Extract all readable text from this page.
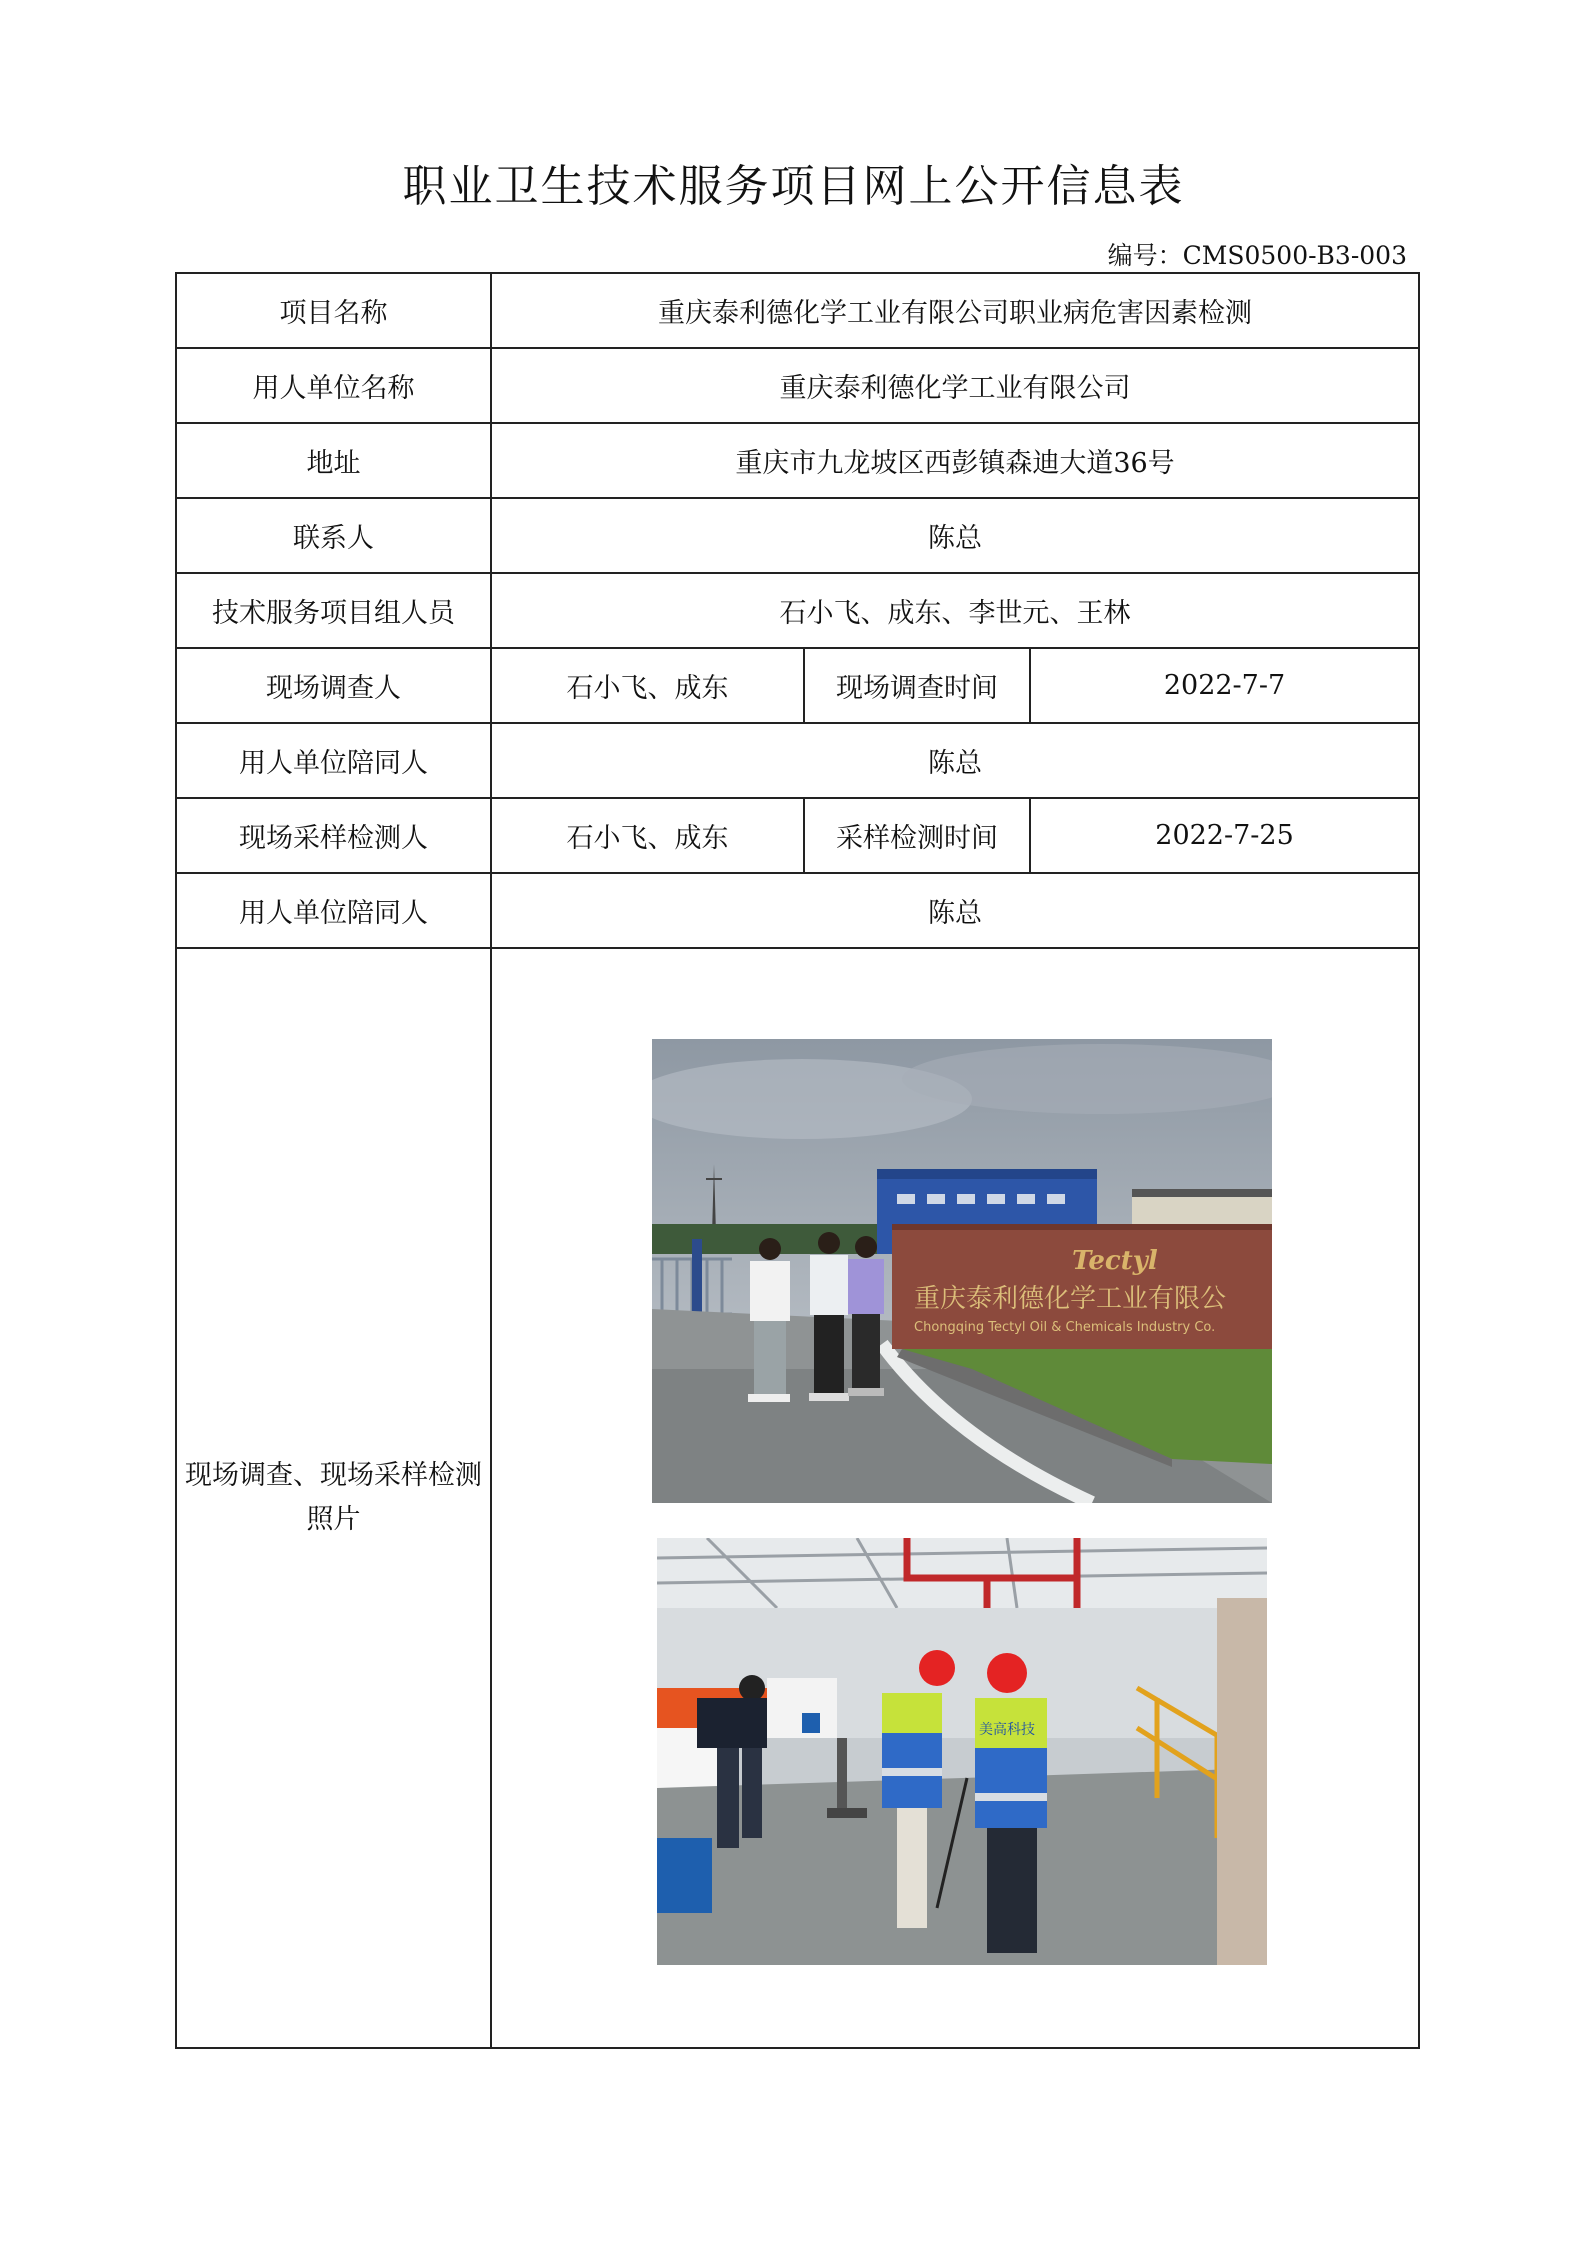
职业卫生技术服务项目网上公开信息表
编号：CMS0500-B3-003
项目名称	重庆泰利德化学工业有限公司职业病危害因素检测		
用人单位名称	重庆泰利德化学工业有限公司		
地址	重庆市九龙坡区西彭镇森迪大道36号		
联系人	陈总		
技术服务项目组人员	石小飞、成东、李世元、王林		
现场调查人	石小飞、成东	现场调查时间	2022-7-7
用人单位陪同人	陈总		
现场采样检测人	石小飞、成东	采样检测时间	2022-7-25
用人单位陪同人	陈总		
现场调查、现场采样检测照片	Tectyl
重庆泰利德化学工业有限公
Chongqing Tectyl Oil & Chemicals Industry Co.
美高科技		
